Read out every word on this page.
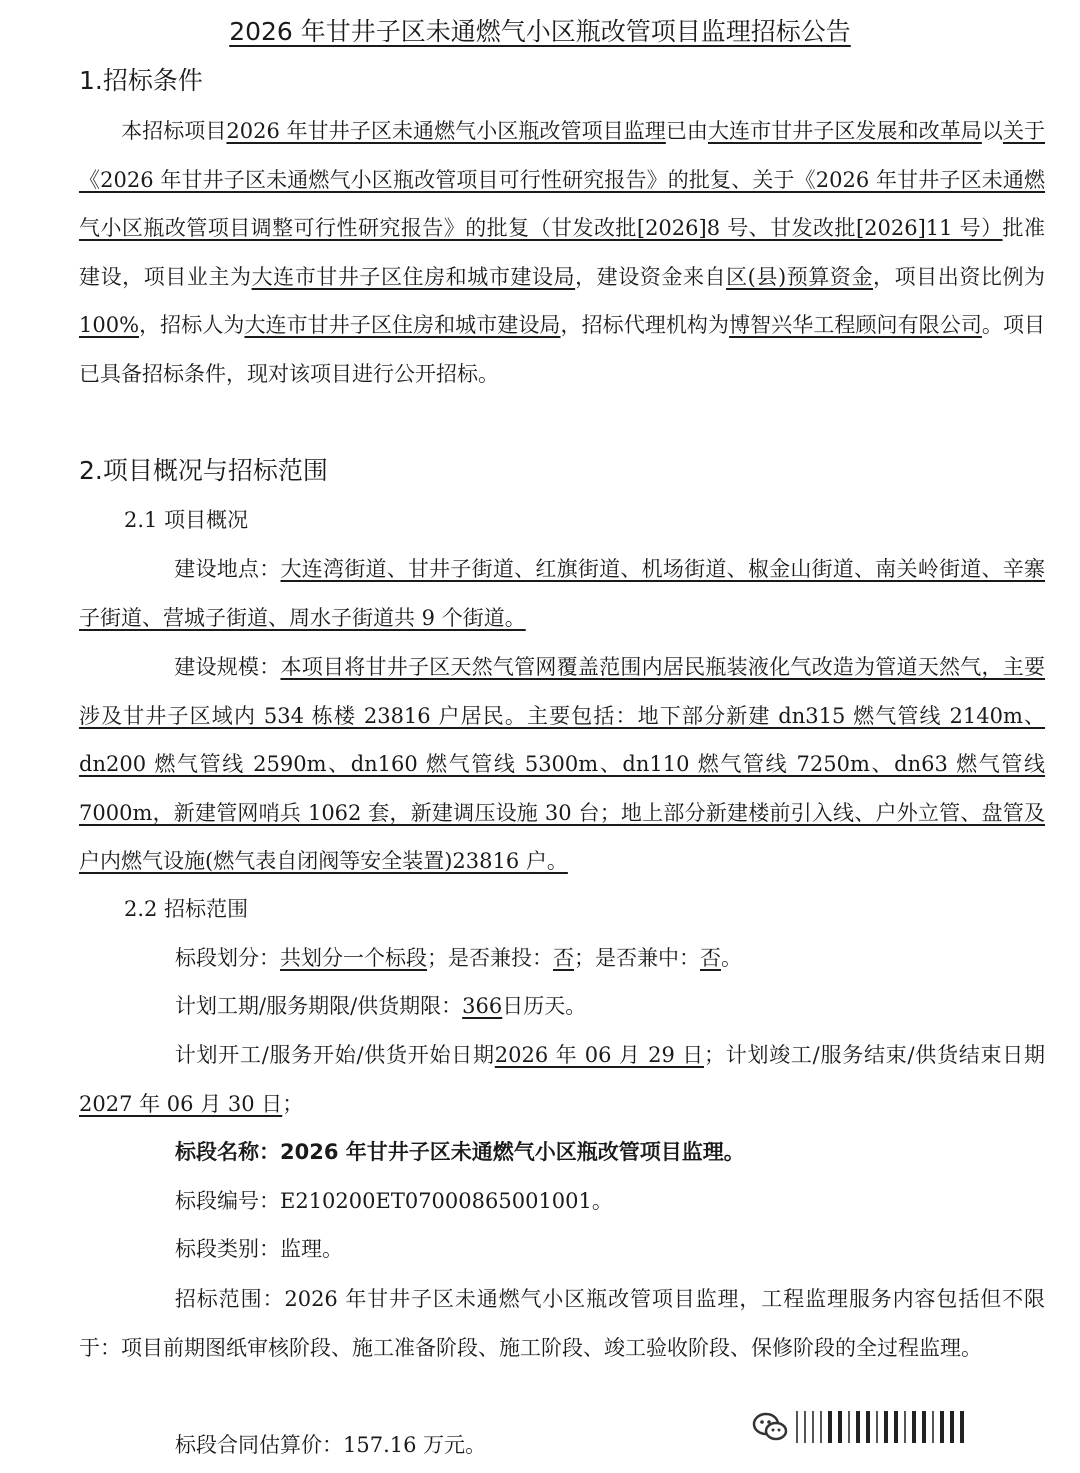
2026 年甘井子区未通燃气小区瓶改管项目监理招标公告
1.招标条件
本招标项目2026 年甘井子区未通燃气小区瓶改管项目监理已由大连市甘井子区发展和改革局以关于《2026 年甘井子区未通燃气小区瓶改管项目可行性研究报告》的批复、关于《2026 年甘井子区未通燃气小区瓶改管项目调整可行性研究报告》的批复（甘发改批[2026]8 号、甘发改批[2026]11 号）批准建设，项目业主为大连市甘井子区住房和城市建设局，建设资金来自区(县)预算资金，项目出资比例为100%，招标人为大连市甘井子区住房和城市建设局，招标代理机构为博智兴华工程顾问有限公司。项目已具备招标条件，现对该项目进行公开招标。
2.项目概况与招标范围
2.1 项目概况
建设地点：大连湾街道、甘井子街道、红旗街道、机场街道、椒金山街道、南关岭街道、辛寨子街道、营城子街道、周水子街道共 9 个街道。
建设规模：本项目将甘井子区天然气管网覆盖范围内居民瓶装液化气改造为管道天然气，主要涉及甘井子区域内 534 栋楼 23816 户居民。主要包括：地下部分新建 dn315 燃气管线 2140m、dn200 燃气管线 2590m、dn160 燃气管线 5300m、dn110 燃气管线 7250m、dn63 燃气管线 7000m，新建管网哨兵 1062 套，新建调压设施 30 台；地上部分新建楼前引入线、户外立管、盘管及户内燃气设施(燃气表自闭阀等安全装置)23816 户。
2.2 招标范围
标段划分：共划分一个标段；是否兼投：否；是否兼中：否。
计划工期/服务期限/供货期限：366日历天。
计划开工/服务开始/供货开始日期2026 年 06 月 29 日；计划竣工/服务结束/供货结束日期2027 年 06 月 30 日；
标段名称：2026 年甘井子区未通燃气小区瓶改管项目监理。
标段编号：E210200ET07000865001001。
标段类别：监理。
招标范围：2026 年甘井子区未通燃气小区瓶改管项目监理，工程监理服务内容包括但不限于：项目前期图纸审核阶段、施工准备阶段、施工阶段、竣工验收阶段、保修阶段的全过程监理。
标段合同估算价：157.16 万元。
